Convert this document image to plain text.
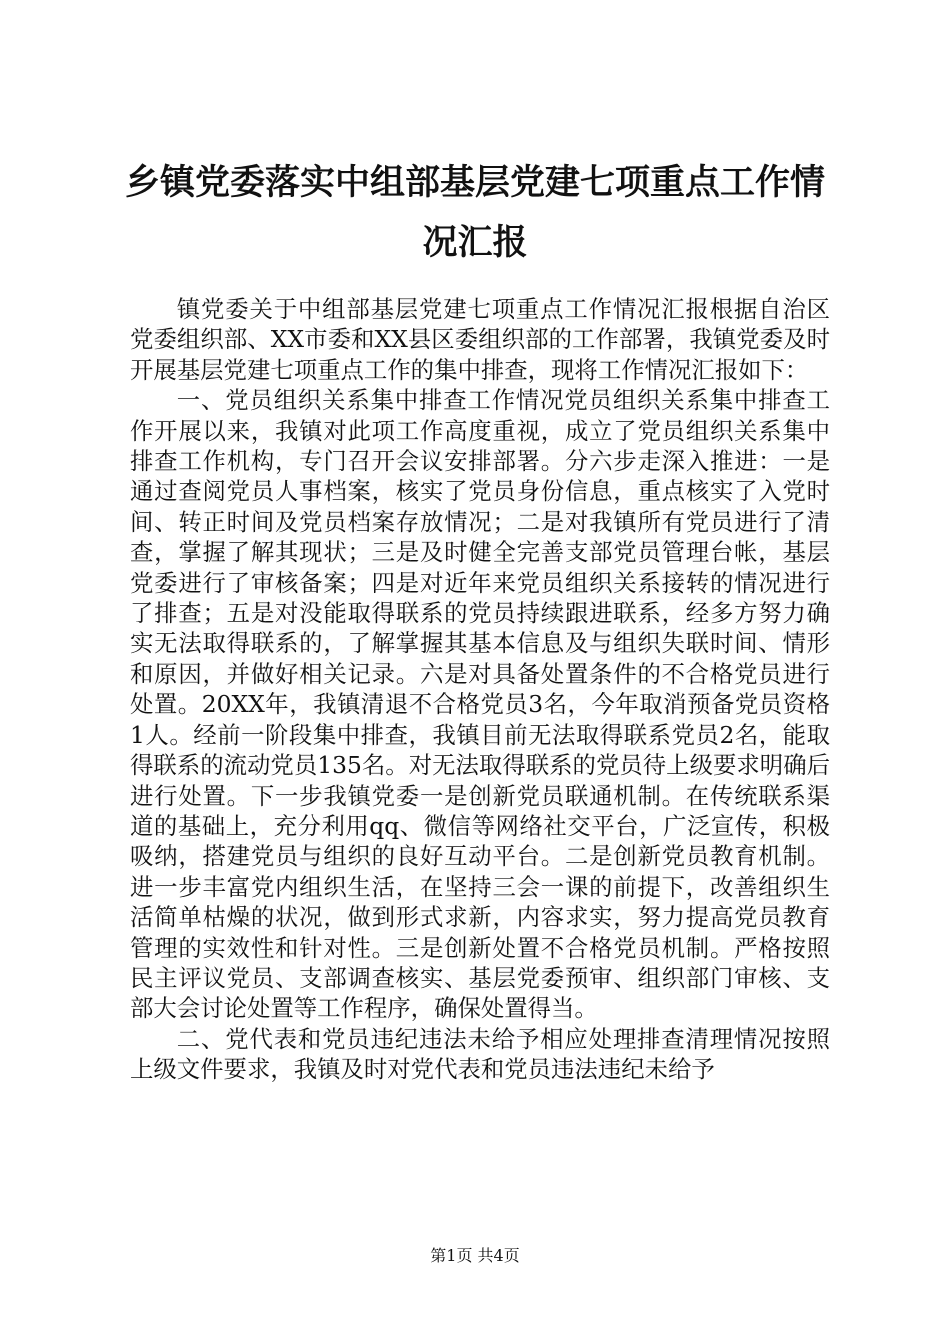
乡镇党委落实中组部基层党建七项重点工作情
况汇报

镇党委关于中组部基层党建七项重点工作情况汇报根据自治区党委组织部、XX市委和XX县区委组织部的工作部署，我镇党委及时开展基层党建七项重点工作的集中排查，现将工作情况汇报如下：

一、党员组织关系集中排查工作情况党员组织关系集中排查工作开展以来，我镇对此项工作高度重视，成立了党员组织关系集中排查工作机构，专门召开会议安排部署。分六步走深入推进：一是通过查阅党员人事档案，核实了党员身份信息，重点核实了入党时间、转正时间及党员档案存放情况；二是对我镇所有党员进行了清查，掌握了解其现状；三是及时健全完善支部党员管理台帐，基层党委进行了审核备案；四是对近年来党员组织关系接转的情况进行了排查；五是对没能取得联系的党员持续跟进联系，经多方努力确实无法取得联系的，了解掌握其基本信息及与组织失联时间、情形和原因，并做好相关记录。六是对具备处置条件的不合格党员进行处置。20XX年，我镇清退不合格党员3名，今年取消预备党员资格1人。经前一阶段集中排查，我镇目前无法取得联系党员2名，能取得联系的流动党员135名。对无法取得联系的党员待上级要求明确后进行处置。下一步我镇党委一是创新党员联通机制。在传统联系渠道的基础上，充分利用qq、微信等网络社交平台，广泛宣传，积极吸纳，搭建党员与组织的良好互动平台。二是创新党员教育机制。进一步丰富党内组织生活，在坚持三会一课的前提下，改善组织生活简单枯燥的状况，做到形式求新，内容求实，努力提高党员教育管理的实效性和针对性。三是创新处置不合格党员机制。严格按照民主评议党员、支部调查核实、基层党委预审、组织部门审核、支部大会讨论处置等工作程序，确保处置得当。

二、党代表和党员违纪违法未给予相应处理排查清理情况按照上级文件要求，我镇及时对党代表和党员违法违纪未给予

第1页 共4页
